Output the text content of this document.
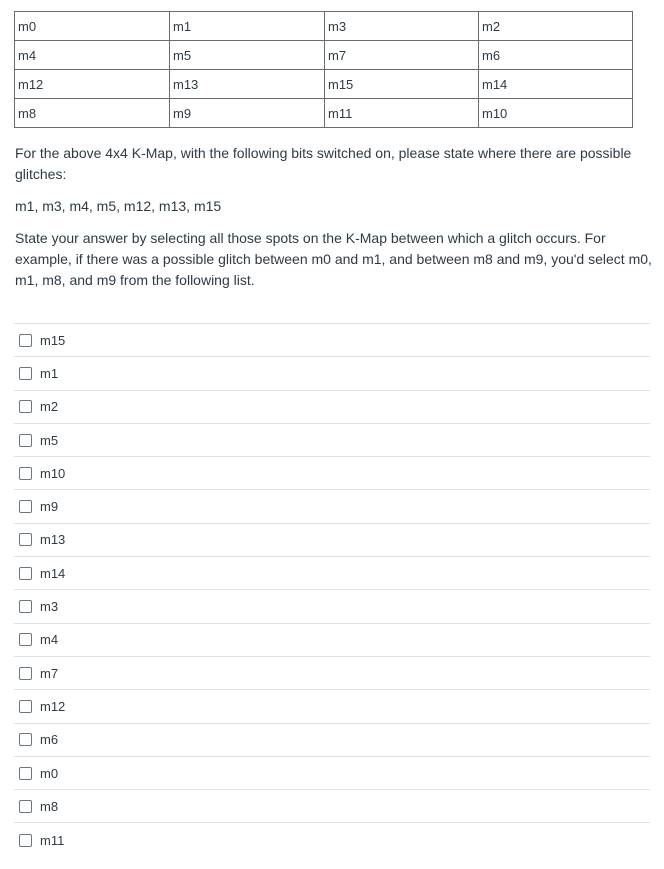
m0	m1	m3	m2
m4	m5	m7	m6
m12	m13	m15	m14
m8	m9	m11	m10

For the above 4x4 K-Map, with the following bits switched on, please state where there are possible glitches:

m1, m3, m4, m5, m12, m13, m15

State your answer by selecting all those spots on the K-Map between which a glitch occurs. For example, if there was a possible glitch between m0 and m1, and between m8 and m9, you'd select m0, m1, m8, and m9 from the following list.

m15
m1
m2
m5
m10
m9
m13
m14
m3
m4
m7
m12
m6
m0
m8
m11
